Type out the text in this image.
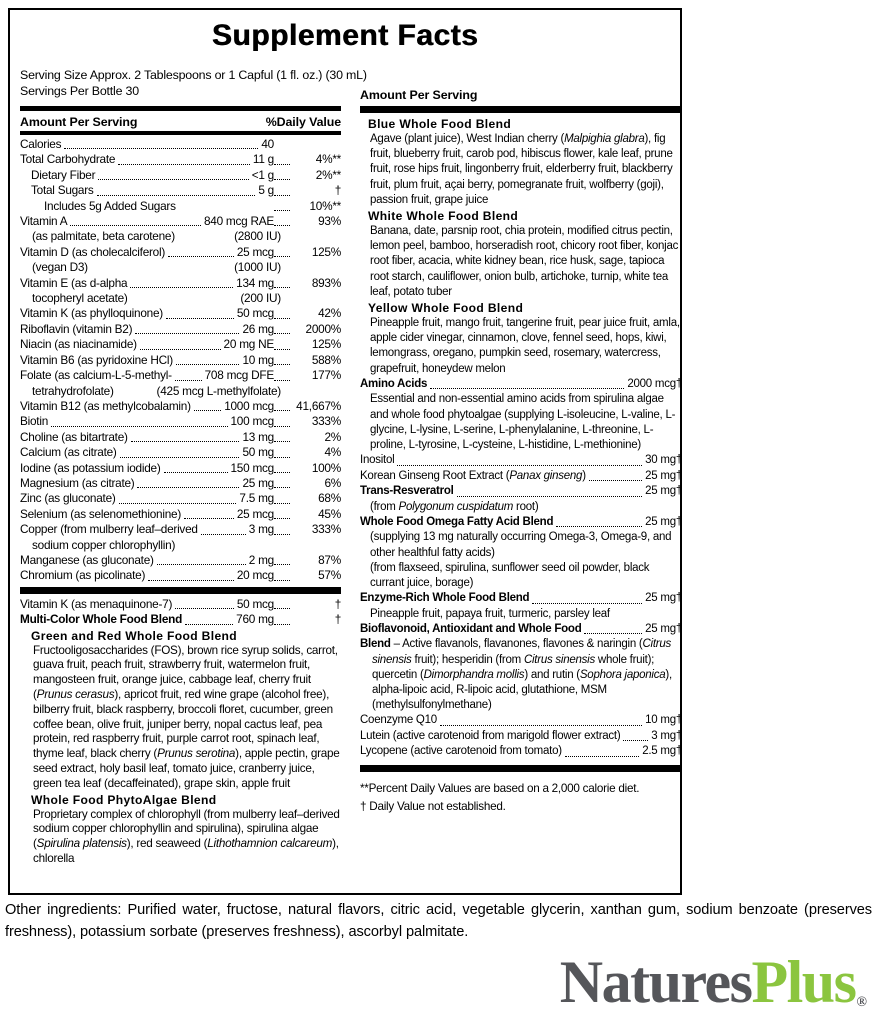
Supplement Facts
Serving Size Approx. 2 Tablespoons or 1 Capful (1 fl. oz.) (30 mL)
Servings Per Bottle 30
Amount Per Serving	%Daily Value
Calories	40
Total Carbohydrate	11 g	4%**
Dietary Fiber	<1 g	2%**
Total Sugars	5 g	†
Includes 5g Added Sugars	10%**
Vitamin A	840 mcg RAE	93%
(as palmitate, beta carotene)	(2800 IU)
Vitamin D (as cholecalciferol)	25 mcg	125%
(vegan D3)	(1000 IU)
Vitamin E (as d-alpha	134 mg	893%
tocopheryl acetate)	(200 IU)
Vitamin K (as phylloquinone)	50 mcg	42%
Riboflavin (vitamin B2)	26 mg	2000%
Niacin (as niacinamide)	20 mg NE	125%
Vitamin B6 (as pyridoxine HCl)	10 mg	588%
Folate (as calcium-L-5-methyl-	708 mcg DFE	177%
tetrahydrofolate)	(425 mcg L-methylfolate)
Vitamin B12 (as methylcobalamin)	1000 mcg 41,667%
Biotin	100 mcg	333%
Choline (as bitartrate)	13 mg	2%
Calcium (as citrate)	50 mg	4%
Iodine (as potassium iodide)	150 mcg	100%
Magnesium (as citrate)	25 mg	6%
Zinc (as gluconate)	7.5 mg	68%
Selenium (as selenomethionine)	25 mcg	45%
Copper (from mulberry leaf–derived	3 mg	333%
sodium copper chlorophyllin)
Manganese (as gluconate)	2 mg	87%
Chromium (as picolinate)	20 mcg	57%
Vitamin K (as menaquinone-7)	50 mcg	†
Multi-Color Whole Food Blend	760 mg	†
Green and Red Whole Food Blend
Fructooligosaccharides (FOS), brown rice syrup solids, carrot, guava fruit, peach fruit, strawberry fruit, watermelon fruit, mangosteen fruit, orange juice, cabbage leaf, cherry fruit (Prunus cerasus), apricot fruit, red wine grape (alcohol free), bilberry fruit, black raspberry, broccoli floret, cucumber, green coffee bean, olive fruit, juniper berry, nopal cactus leaf, pea protein, red raspberry fruit, purple carrot root, spinach leaf, thyme leaf, black cherry (Prunus serotina), apple pectin, grape seed extract, holy basil leaf, tomato juice, cranberry juice, green tea leaf (decaffeinated), grape skin, apple fruit
Whole Food PhytoAlgae Blend
Proprietary complex of chlorophyll (from mulberry leaf–derived sodium copper chlorophyllin and spirulina), spirulina algae (Spirulina platensis), red seaweed (Lithothamnion calcareum), chlorella
Amount Per Serving
Blue Whole Food Blend
Agave (plant juice), West Indian cherry (Malpighia glabra), fig fruit, blueberry fruit, carob pod, hibiscus flower, kale leaf, prune fruit, rose hips fruit, lingonberry fruit, elderberry fruit, blackberry fruit, plum fruit, açai berry, pomegranate fruit, wolfberry (goji), passion fruit, grape juice
White Whole Food Blend
Banana, date, parsnip root, chia protein, modified citrus pectin, lemon peel, bamboo, horseradish root, chicory root fiber, konjac root fiber, acacia, white kidney bean, rice husk, sage, tapioca root starch, cauliflower, onion bulb, artichoke, turnip, white tea leaf, potato tuber
Yellow Whole Food Blend
Pineapple fruit, mango fruit, tangerine fruit, pear juice fruit, amla, apple cider vinegar, cinnamon, clove, fennel seed, hops, kiwi, lemongrass, oregano, pumpkin seed, rosemary, watercress, grapefruit, honeydew melon
Amino Acids	2000 mcg†
Essential and non-essential amino acids from spirulina algae and whole food phytoalgae (supplying L-isoleucine, L-valine, L-glycine, L-lysine, L-serine, L-phenylalanine, L-threonine, L-proline, L-tyrosine, L-cysteine, L-histidine, L-methionine)
Inositol	30 mg†
Korean Ginseng Root Extract (Panax ginseng)	25 mg†
Trans-Resveratrol	25 mg†
(from Polygonum cuspidatum root)
Whole Food Omega Fatty Acid Blend	25 mg†
(supplying 13 mg naturally occurring Omega-3, Omega-9, and other healthful fatty acids)
(from flaxseed, spirulina, sunflower seed oil powder, black currant juice, borage)
Enzyme-Rich Whole Food Blend	25 mg†
Pineapple fruit, papaya fruit, turmeric, parsley leaf
Bioflavonoid, Antioxidant and Whole Food	25 mg†
Blend – Active flavanols, flavanones, flavones & naringin (Citrus sinensis fruit); hesperidin (from Citrus sinensis whole fruit); quercetin (Dimorphandra mollis) and rutin (Sophora japonica), alpha-lipoic acid, R-lipoic acid, glutathione, MSM (methylsulfonylmethane)
Coenzyme Q10	10 mg†
Lutein (active carotenoid from marigold flower extract)	3 mg†
Lycopene (active carotenoid from tomato)	2.5 mg†
**Percent Daily Values are based on a 2,000 calorie diet.
† Daily Value not established.
Other ingredients: Purified water, fructose, natural flavors, citric acid, vegetable glycerin, xanthan gum, sodium benzoate (preserves freshness), potassium sorbate (preserves freshness), ascorbyl palmitate.
Natures Plus ®
